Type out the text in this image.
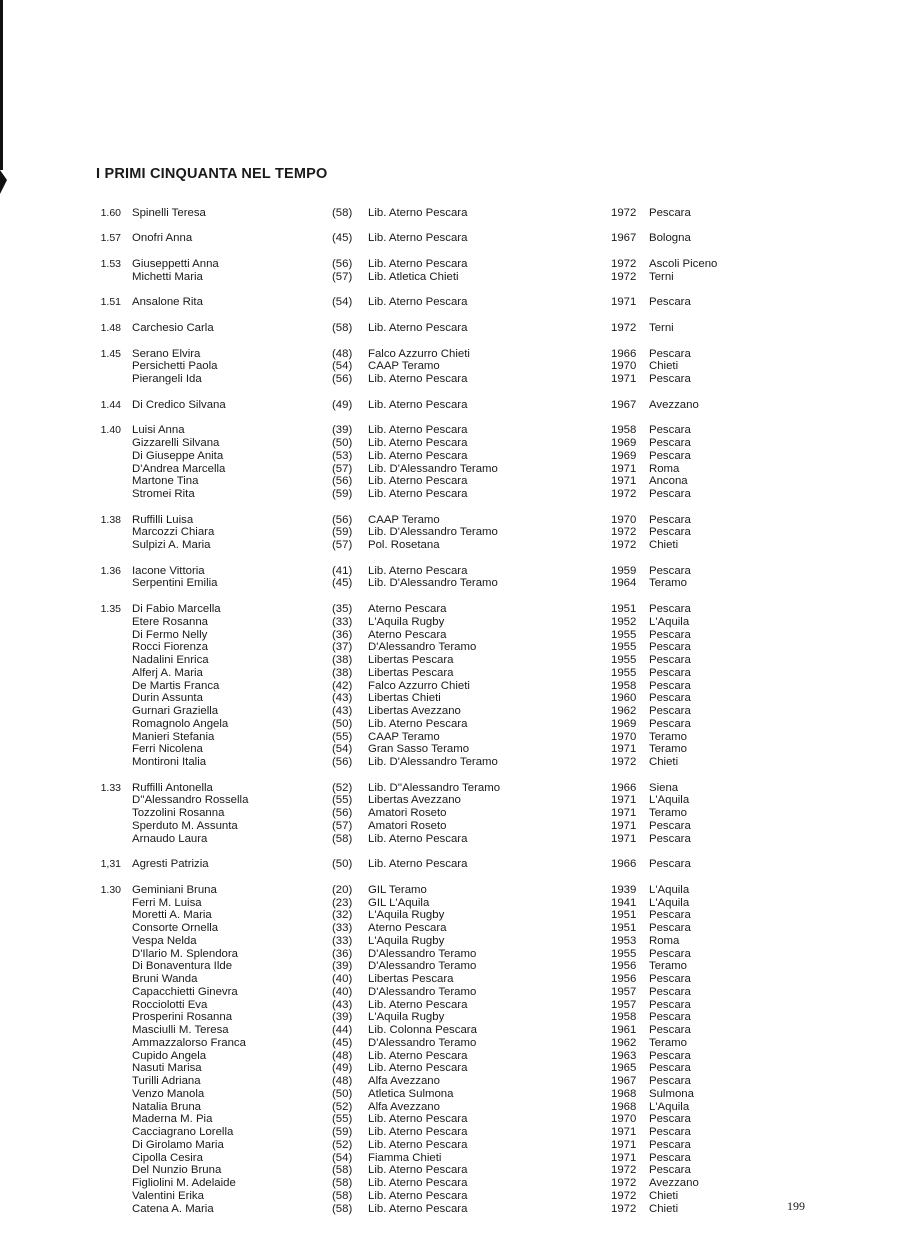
I PRIMI CINQUANTA NEL TEMPO
1.60 Spinelli Teresa	(58) Lib. Aterno Pescara	1972 Pescara
1.57 Onofri Anna	(45) Lib. Aterno Pescara	1967 Bologna
1.53 Giuseppetti Anna	(56) Lib. Aterno Pescara	1972 Ascoli Piceno
Michetti Maria	(57) Lib. Atletica Chieti	1972 Terni
1.51 Ansalone Rita	(54) Lib. Aterno Pescara	1971 Pescara
1.48 Carchesio Carla	(58) Lib. Aterno Pescara	1972 Terni
1.45 Serano Elvira	(48) Falco Azzurro Chieti	1966 Pescara
Persichetti Paola	(54) CAAP Teramo	1970 Chieti
Pierangeli Ida	(56) Lib. Aterno Pescara	1971 Pescara
1.44 Di Credico Silvana	(49) Lib. Aterno Pescara	1967 Avezzano
1.40 Luisi Anna	(39) Lib. Aterno Pescara	1958 Pescara
Gizzarelli Silvana	(50) Lib. Aterno Pescara	1969 Pescara
Di Giuseppe Anita	(53) Lib. Aterno Pescara	1969 Pescara
D'Andrea Marcella	(57) Lib. D'Alessandro Teramo	1971 Roma
Martone Tina	(56) Lib. Aterno Pescara	1971 Ancona
Stromei Rita	(59) Lib. Aterno Pescara	1972 Pescara
1.38 Ruffilli Luisa	(56) CAAP Teramo	1970 Pescara
Marcozzi Chiara	(59) Lib. D'Alessandro Teramo	1972 Pescara
Sulpizi A. Maria	(57) Pol. Rosetana	1972 Chieti
1.36 Iacone Vittoria	(41) Lib. Aterno Pescara	1959 Pescara
Serpentini Emilia	(45) Lib. D'Alessandro Teramo	1964 Teramo
1.35 Di Fabio Marcella	(35) Aterno Pescara	1951 Pescara
Etere Rosanna	(33) L'Aquila Rugby	1952 L'Aquila
Di Fermo Nelly	(36) Aterno Pescara	1955 Pescara
Rocci Fiorenza	(37) D'Alessandro Teramo	1955 Pescara
Nadalini Enrica	(38) Libertas Pescara	1955 Pescara
Alferj A. Maria	(38) Libertas Pescara	1955 Pescara
De Martis Franca	(42) Falco Azzurro Chieti	1958 Pescara
Durin Assunta	(43) Libertas Chieti	1960 Pescara
Gurnari Graziella	(43) Libertas Avezzano	1962 Pescara
Romagnolo Angela	(50) Lib. Aterno Pescara	1969 Pescara
Manieri Stefania	(55) CAAP Teramo	1970 Teramo
Ferri Nicolena	(54) Gran Sasso Teramo	1971 Teramo
Montironi Italia	(56) Lib. D'Alessandro Teramo	1972 Chieti
1.33 Ruffilli Antonella	(52) Lib. D''Alessandro Teramo	1966 Siena
D''Alessandro Rossella	(55) Libertas Avezzano	1971 L'Aquila
Tozzolini Rosanna	(56) Amatori Roseto	1971 Teramo
Sperduto M. Assunta	(57) Amatori Roseto	1971 Pescara
Arnaudo Laura	(58) Lib. Aterno Pescara	1971 Pescara
1,31 Agresti Patrizia	(50) Lib. Aterno Pescara	1966 Pescara
1.30 Geminiani Bruna	(20) GIL Teramo	1939 L'Aquila
Ferri M. Luisa	(23) GIL L'Aquila	1941 L'Aquila
Moretti A. Maria	(32) L'Aquila Rugby	1951 Pescara
Consorte Ornella	(33) Aterno Pescara	1951 Pescara
Vespa Nelda	(33) L'Aquila Rugby	1953 Roma
D'Ilario M. Splendora	(36) D'Alessandro Teramo	1955 Pescara
Di Bonaventura Ilde	(39) D'Alessandro Teramo	1956 Teramo
Bruni Wanda	(40) Libertas Pescara	1956 Pescara
Capacchietti Ginevra	(40) D'Alessandro Teramo	1957 Pescara
Rocciolotti Eva	(43) Lib. Aterno Pescara	1957 Pescara
Prosperini Rosanna	(39) L'Aquila Rugby	1958 Pescara
Masciulli M. Teresa	(44) Lib. Colonna Pescara	1961 Pescara
Ammazzalorso Franca	(45) D'Alessandro Teramo	1962 Teramo
Cupido Angela	(48) Lib. Aterno Pescara	1963 Pescara
Nasuti Marisa	(49) Lib. Aterno Pescara	1965 Pescara
Turilli Adriana	(48) Alfa Avezzano	1967 Pescara
Venzo Manola	(50) Atletica Sulmona	1968 Sulmona
Natalia Bruna	(52) Alfa Avezzano	1968 L'Aquila
Maderna M. Pia	(55) Lib. Aterno Pescara	1970 Pescara
Cacciagrano Lorella	(59) Lib. Aterno Pescara	1971 Pescara
Di Girolamo Maria	(52) Lib. Aterno Pescara	1971 Pescara
Cipolla Cesira	(54) Fiamma Chieti	1971 Pescara
Del Nunzio Bruna	(58) Lib. Aterno Pescara	1972 Pescara
Figliolini M. Adelaide	(58) Lib. Aterno Pescara	1972 Avezzano
Valentini Erika	(58) Lib. Aterno Pescara	1972 Chieti
Catena A. Maria	(58) Lib. Aterno Pescara	1972 Chieti	199
